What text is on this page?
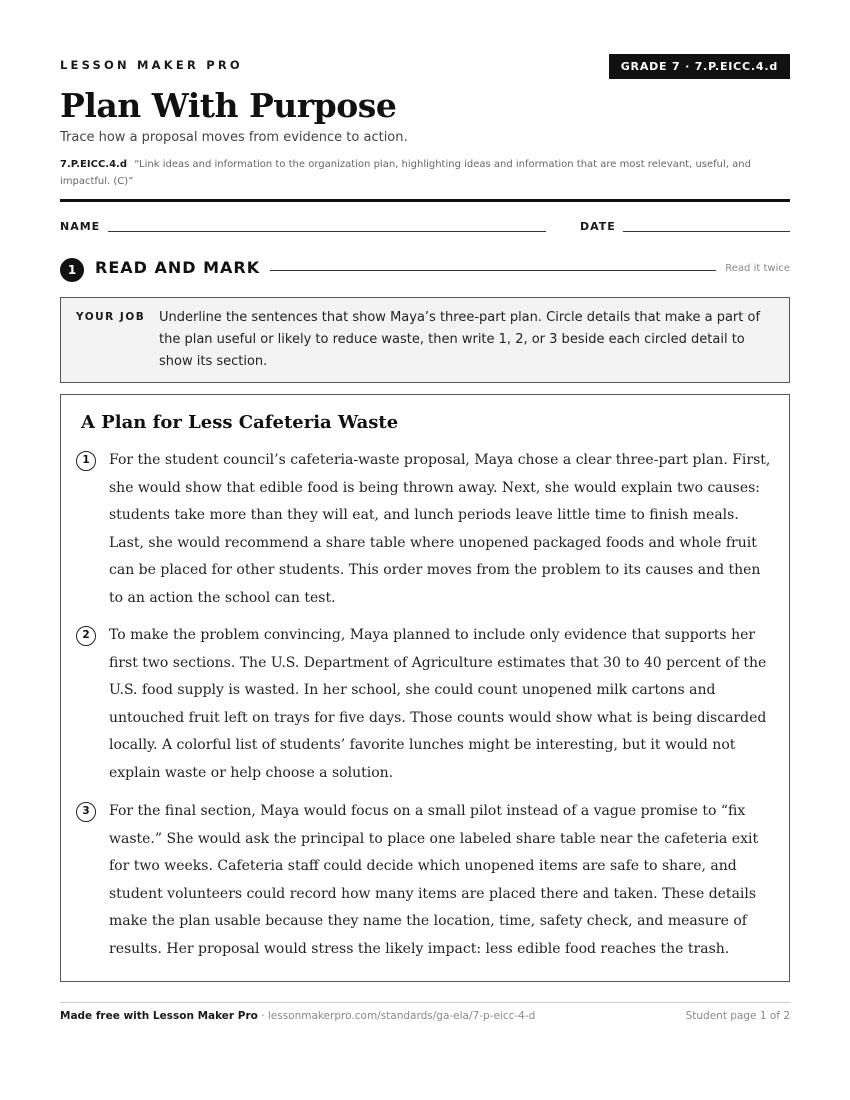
LESSON MAKER PRO	GRADE 7 · 7.P.EICC.4.d
Plan With Purpose
Trace how a proposal moves from evidence to action.
7.P.EICC.4.d “Link ideas and information to the organization plan, highlighting ideas and information that are most relevant, useful, and impactful. (C)”
NAME	DATE
1	READ AND MARK	Read it twice
YOUR JOB Underline the sentences that show Maya’s three-part plan. Circle details that make a part of the plan useful or likely to reduce waste, then write 1, 2, or 3 beside each circled detail to show its section.
A Plan for Less Cafeteria Waste
1	For the student council’s cafeteria-waste proposal, Maya chose a clear three-part plan. First, she would show that edible food is being thrown away. Next, she would explain two causes: students take more than they will eat, and lunch periods leave little time to finish meals. Last, she would recommend a share table where unopened packaged foods and whole fruit can be placed for other students. This order moves from the problem to its causes and then to an action the school can test.
2	To make the problem convincing, Maya planned to include only evidence that supports her first two sections. The U.S. Department of Agriculture estimates that 30 to 40 percent of the U.S. food supply is wasted. In her school, she could count unopened milk cartons and untouched fruit left on trays for five days. Those counts would show what is being discarded locally. A colorful list of students’ favorite lunches might be interesting, but it would not explain waste or help choose a solution.
3	For the final section, Maya would focus on a small pilot instead of a vague promise to “fix waste.” She would ask the principal to place one labeled share table near the cafeteria exit for two weeks. Cafeteria staff could decide which unopened items are safe to share, and student volunteers could record how many items are placed there and taken. These details make the plan usable because they name the location, time, safety check, and measure of results. Her proposal would stress the likely impact: less edible food reaches the trash.
Made free with Lesson Maker Pro · lessonmakerpro.com/standards/ga-ela/7-p-eicc-4-d	Student page 1 of 2
